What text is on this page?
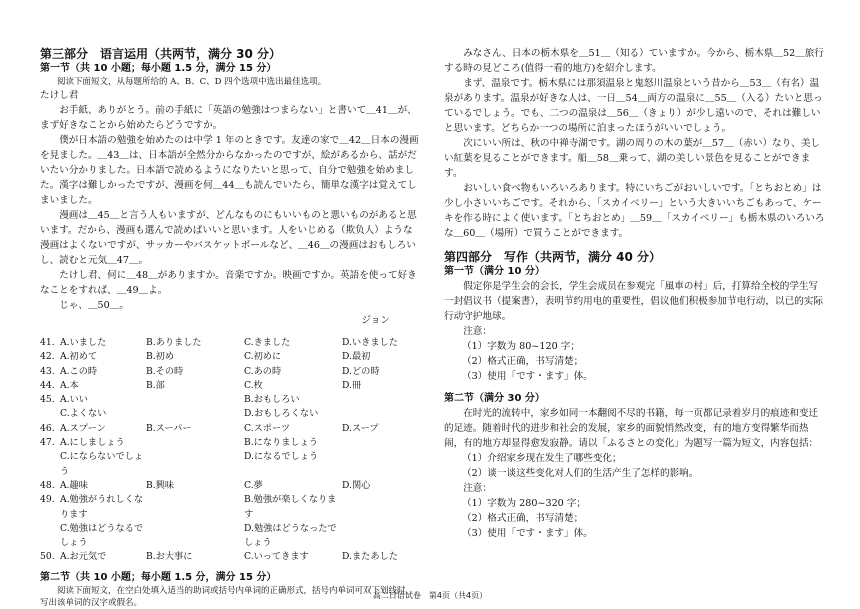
第三部分　语言运用（共两节，满分 30 分）
第一节（共 10 小题；每小题 1.5 分，满分 15 分）
阅读下面短文，从每题所给的 A、B、C、D 四个选项中选出最佳选项。

たけし君

お手紙、ありがとう。前の手紙に「英語の勉強はつまらない」と書いて＿41＿が、まず好きなことから始めたらどうですか。

僕が日本語の勉強を始めたのは中学 1 年のときです。友達の家で＿42＿日本の漫画を見ました。＿43＿は、日本語が全然分からなかったのですが、絵があるから、話がだいたい分かりました。日本語で読めるようになりたいと思って、自分で勉強を始めました。漢字は難しかったですが、漫画を何＿44＿も読んでいたら、簡単な漢字は覚えてしまいました。

漫画は＿45＿と言う人もいますが、どんなものにもいいものと悪いものがあると思います。だから、漫画も選んで読めばいいと思います。人をいじめる（欺负人）ような漫画はよくないですが、サッカーやバスケットボールなど、＿46＿の漫画はおもしろいし、読むと元気＿47＿。

たけし君、何に＿48＿がありますか。音楽ですか。映画ですか。英語を使って好きなことをすれば、＿49＿よ。

じゃ、＿50＿。

ジョン

41. A.いました	B.ありました	C.きました	D.いきました
42. A.初めて	B.初め	C.初めに	D.最初
43. A.この時	B.その時	C.あの時	D.どの時
44. A.本	B.部	C.枚	D.冊
45. A.いい	B.おもしろい
C.よくない	D.おもしろくない
46. A.スプーン	B.スーパー	C.スポーツ	D.スープ
47. A.にしましょう	B.になりましょう
C.にならないでしょう
D.になるでしょう
48. A.趣味	B.興味	C.夢	D.関心
49. A.勉強がうれしくなります
B.勉強が楽しくなります
C.勉強はどうなるでしょう
D.勉強はどうなったでしょう
50. A.お元気で	B.お大事に	C.いってきます	D.またあした
第二节（共 10 小题；每小题 1.5 分，满分 15 分）
阅读下面短文，在空白处填入适当的助词或括号内单词的正确形式，括号内单词可双下划线时，写出该单词的汉字或假名。

みなさん、日本の栃木県を＿51＿（知る）ていますか。今から、栃木県＿52＿旅行する時の見どころ(值得一看的地方)を紹介します。

まず、温泉です。栃木県には那須温泉と鬼怒川温泉という昔から＿53＿（有名）温泉があります。温泉が好きな人は、一日＿54＿両方の温泉に＿55＿（入る）たいと思っているでしょう。でも、二つの温泉は＿56＿（きょり）が少し遠いので、それは難しいと思います。どちらか一つの場所に泊まったほうがいいでしょう。

次にいい所は、秋の中禅寺湖です。湖の周りの木の葉が＿57＿（赤い）なり、美しい紅葉を見ることができます。船＿58＿乗って、湖の美しい景色を見ることができます。

おいしい食べ物もいろいろあります。特にいちごがおいしいです。「とちおとめ」は少し小さいいちごです。それから、「スカイベリー」という大きいいちごもあって、ケーキを作る時によく使います。「とちおとめ」＿59＿「スカイベリー」も栃木県のいろいろな＿60＿（場所）で買うことができます。

第四部分　写作（共两节，满分 40 分）
第一节（满分 10 分）

假定你是学生会的会长，学生会成员在参观完「風車の村」后，打算给全校的学生写一封倡议书（提案書），表明节约用电的重要性，倡议他们积极参加节电行动，以已的实际行动守护地球。

注意：

（1）字数为 80~120 字；

（2）格式正确，书写清楚；

（3）使用「です・ます」体。

第二节（满分 30 分）

在时光的流转中，家乡如同一本翻阅不尽的书籍，每一页都记录着岁月的痕迹和变迁的足迹。随着时代的进步和社会的发展，家乡的面貌悄然改变，有的地方变得繁华而热闹，有的地方却显得愈发寂静。请以「ふるさとの変化」为题写一篇为短文，内容包括：

（1）介绍家乡现在发生了哪些变化；

（2）谈一谈这些变化对人们的生活产生了怎样的影响。

注意：

（1）字数为 280~320 字；

（2）格式正确，书写清楚；

（3）使用「です・ます」体。

高二日语试卷　第4页（共4页）
